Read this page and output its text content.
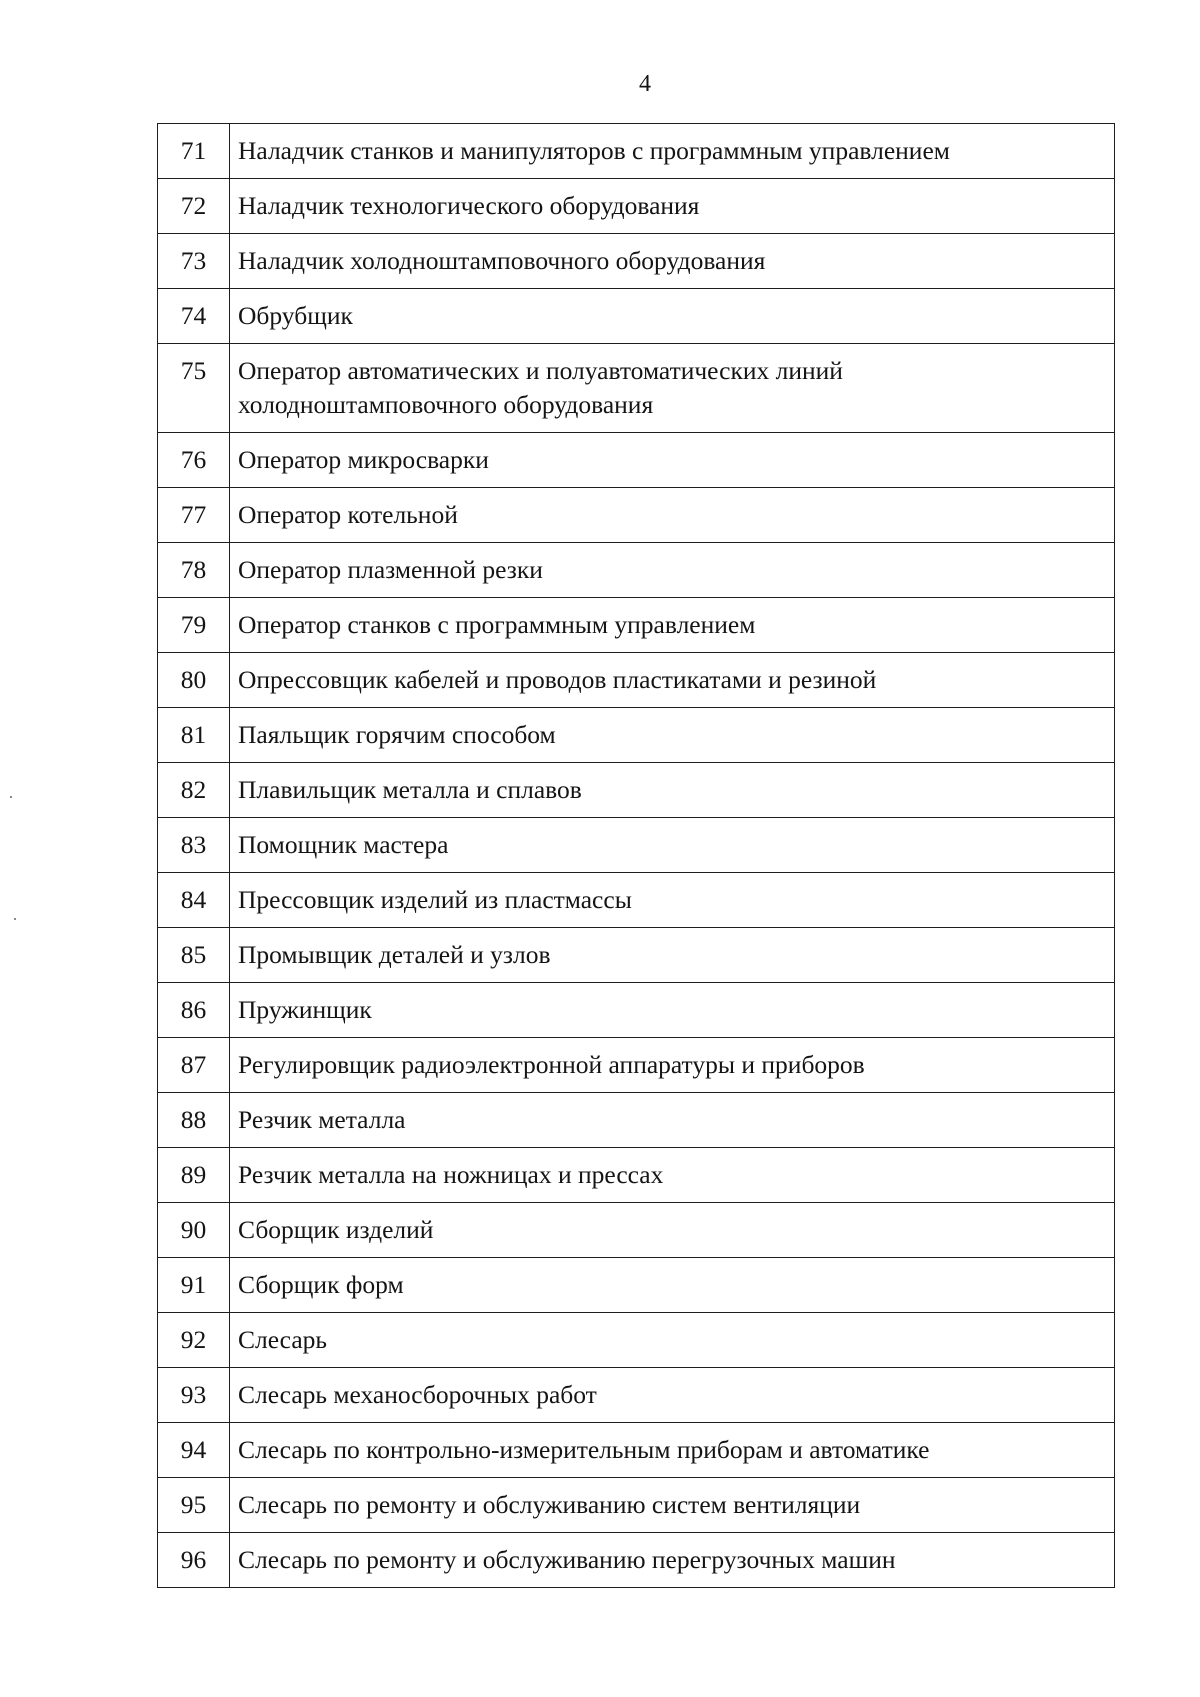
4
71	Наладчик станков и манипуляторов с программным управлением
72	Наладчик технологического оборудования
73	Наладчик холодноштамповочного оборудования
74	Обрубщик
75	Оператор автоматических и полуавтоматических линий холодноштамповочного оборудования
76	Оператор микросварки
77	Оператор котельной
78	Оператор плазменной резки
79	Оператор станков с программным управлением
80	Опрессовщик кабелей и проводов пластикатами и резиной
81	Паяльщик горячим способом
82	Плавильщик металла и сплавов
83	Помощник мастера
84	Прессовщик изделий из пластмассы
85	Промывщик деталей и узлов
86	Пружинщик
87	Регулировщик радиоэлектронной аппаратуры и приборов
88	Резчик металла
89	Резчик металла на ножницах и прессах
90	Сборщик изделий
91	Сборщик форм
92	Слесарь
93	Слесарь механосборочных работ
94	Слесарь по контрольно-измерительным приборам и автоматике
95	Слесарь по ремонту и обслуживанию систем вентиляции
96	Слесарь по ремонту и обслуживанию перегрузочных машин
